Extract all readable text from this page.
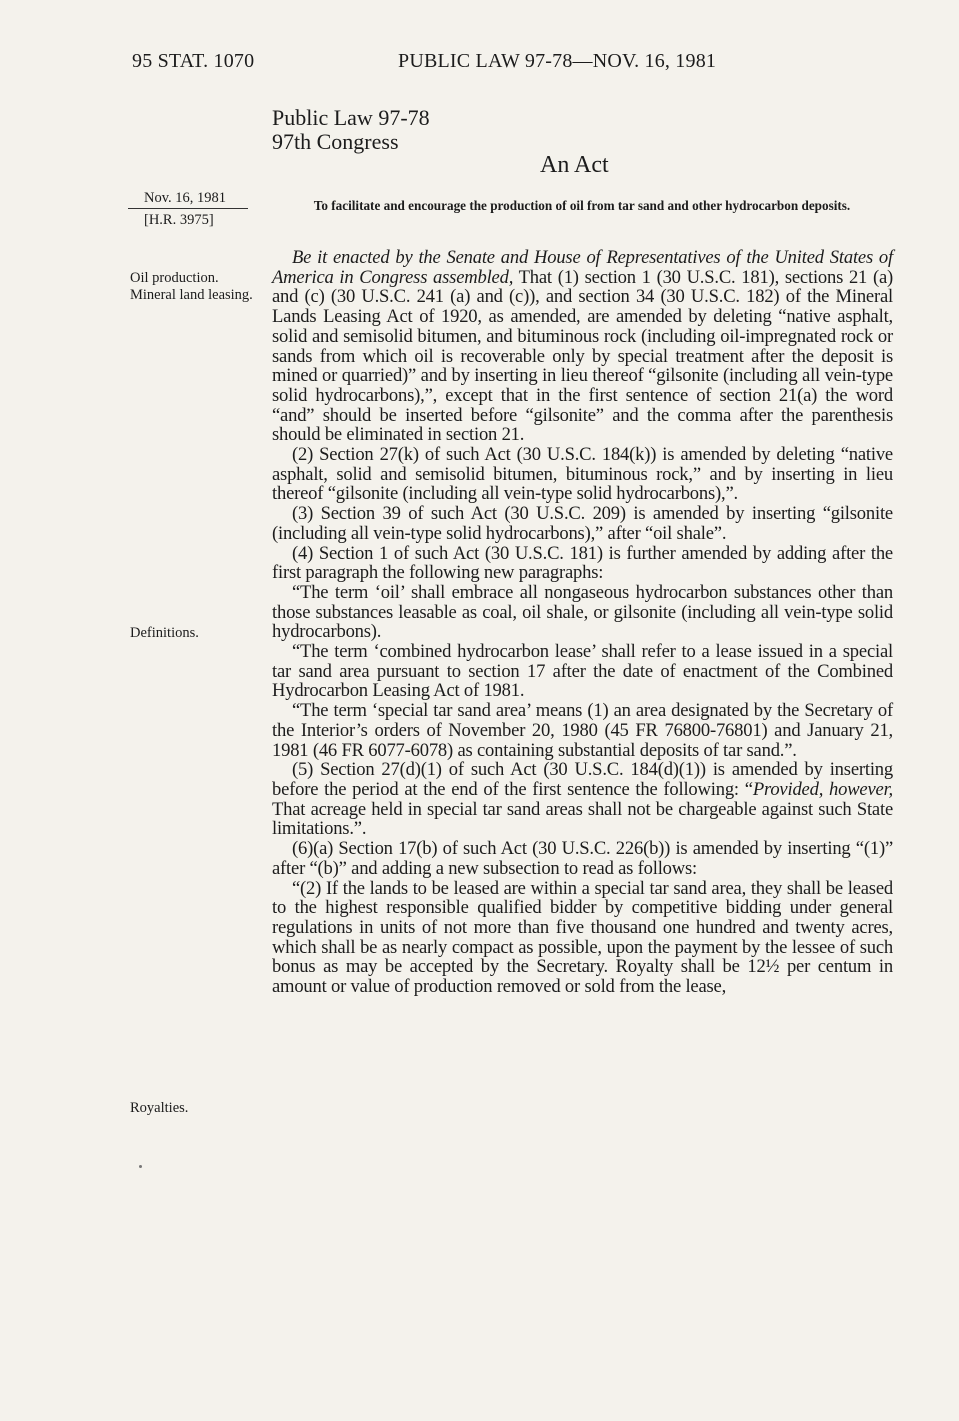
95 STAT. 1070	PUBLIC LAW 97-78—NOV. 16, 1981
Public Law 97-78
97th Congress
An Act
Nov. 16, 1981
[H.R. 3975]
Oil production. Mineral land leasing.
Definitions.
Royalties.
To facilitate and encourage the production of oil from tar sand and other hydrocarbon deposits.

Be it enacted by the Senate and House of Representatives of the United States of America in Congress assembled, That (1) section 1 (30 U.S.C. 181), sections 21 (a) and (c) (30 U.S.C. 241 (a) and (c)), and section 34 (30 U.S.C. 182) of the Mineral Lands Leasing Act of 1920, as amended, are amended by deleting “native asphalt, solid and semisolid bitumen, and bituminous rock (including oil-impregnated rock or sands from which oil is recoverable only by special treatment after the deposit is mined or quarried)” and by inserting in lieu thereof “gilsonite (including all vein-type solid hydrocarbons),”, except that in the first sentence of section 21(a) the word “and” should be inserted before “gilsonite” and the comma after the parenthesis should be eliminated in section 21.

(2) Section 27(k) of such Act (30 U.S.C. 184(k)) is amended by deleting “native asphalt, solid and semisolid bitumen, bituminous rock,” and by inserting in lieu thereof “gilsonite (including all vein-type solid hydrocarbons),”.

(3) Section 39 of such Act (30 U.S.C. 209) is amended by inserting “gilsonite (including all vein-type solid hydrocarbons),” after “oil shale”.

(4) Section 1 of such Act (30 U.S.C. 181) is further amended by adding after the first paragraph the following new paragraphs:

“The term ‘oil’ shall embrace all nongaseous hydrocarbon substances other than those substances leasable as coal, oil shale, or gilsonite (including all vein-type solid hydrocarbons).

“The term ‘combined hydrocarbon lease’ shall refer to a lease issued in a special tar sand area pursuant to section 17 after the date of enactment of the Combined Hydrocarbon Leasing Act of 1981.

“The term ‘special tar sand area’ means (1) an area designated by the Secretary of the Interior’s orders of November 20, 1980 (45 FR 76800-76801) and January 21, 1981 (46 FR 6077-6078) as containing substantial deposits of tar sand.”.

(5) Section 27(d)(1) of such Act (30 U.S.C. 184(d)(1)) is amended by inserting before the period at the end of the first sentence the following: “Provided, however, That acreage held in special tar sand areas shall not be chargeable against such State limitations.”.

(6)(a) Section 17(b) of such Act (30 U.S.C. 226(b)) is amended by inserting “(1)” after “(b)” and adding a new subsection to read as follows:

“(2) If the lands to be leased are within a special tar sand area, they shall be leased to the highest responsible qualified bidder by competitive bidding under general regulations in units of not more than five thousand one hundred and twenty acres, which shall be as nearly compact as possible, upon the payment by the lessee of such bonus as may be accepted by the Secretary. Royalty shall be 12½ per centum in amount or value of production removed or sold from the lease,
